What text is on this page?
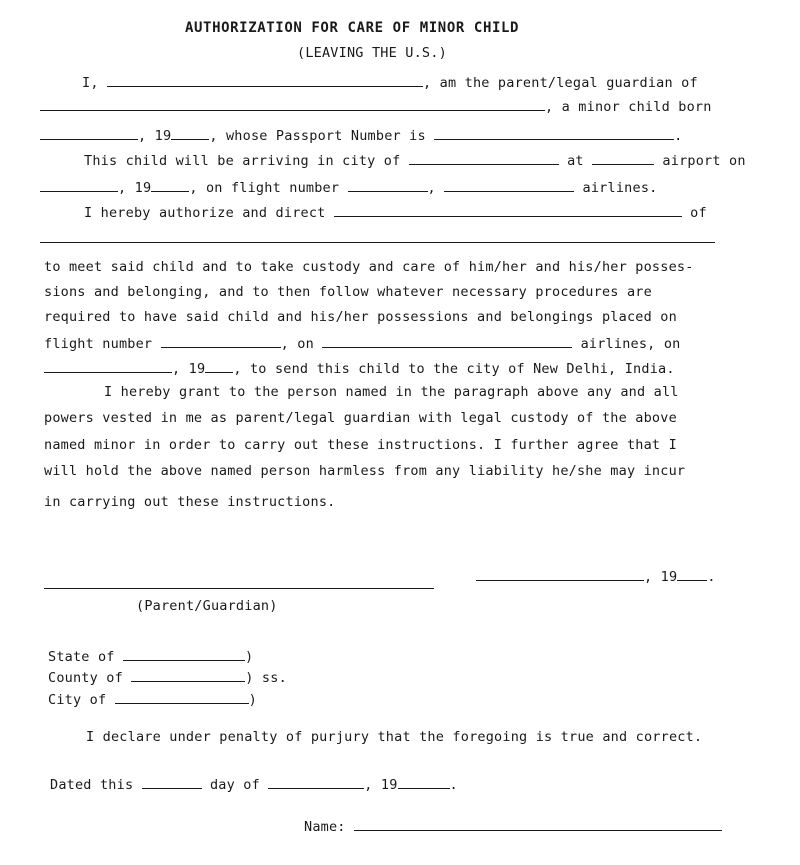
AUTHORIZATION FOR CARE OF MINOR CHILD
(LEAVING THE U.S.)
I,	, am the parent/legal guardian of
, a minor child born
, 19	, whose Passport Number is	.
This child will be arriving in city of	at	airport on
, 19	, on flight number	,	airlines.
I hereby authorize and direct	of
to meet said child and to take custody and care of him/her and his/her posses-
sions and belonging, and to then follow whatever necessary procedures are
required to have said child and his/her possessions and belongings placed on
flight number	, on	airlines, on
, 19 , to send this child to the city of New Delhi, India.
I hereby grant to the person named in the paragraph above any and all
powers vested in me as parent/legal guardian with legal custody of the above
named minor in order to carry out these instructions. I further agree that I
will hold the above named person harmless from any liability he/she may incur
in carrying out these instructions.
, 19 .
(Parent/Guardian)
State of	)
County of	) ss.
City of	)
I declare under penalty of purjury that the foregoing is true and correct.
Dated this	day of	, 19	.
Name:
